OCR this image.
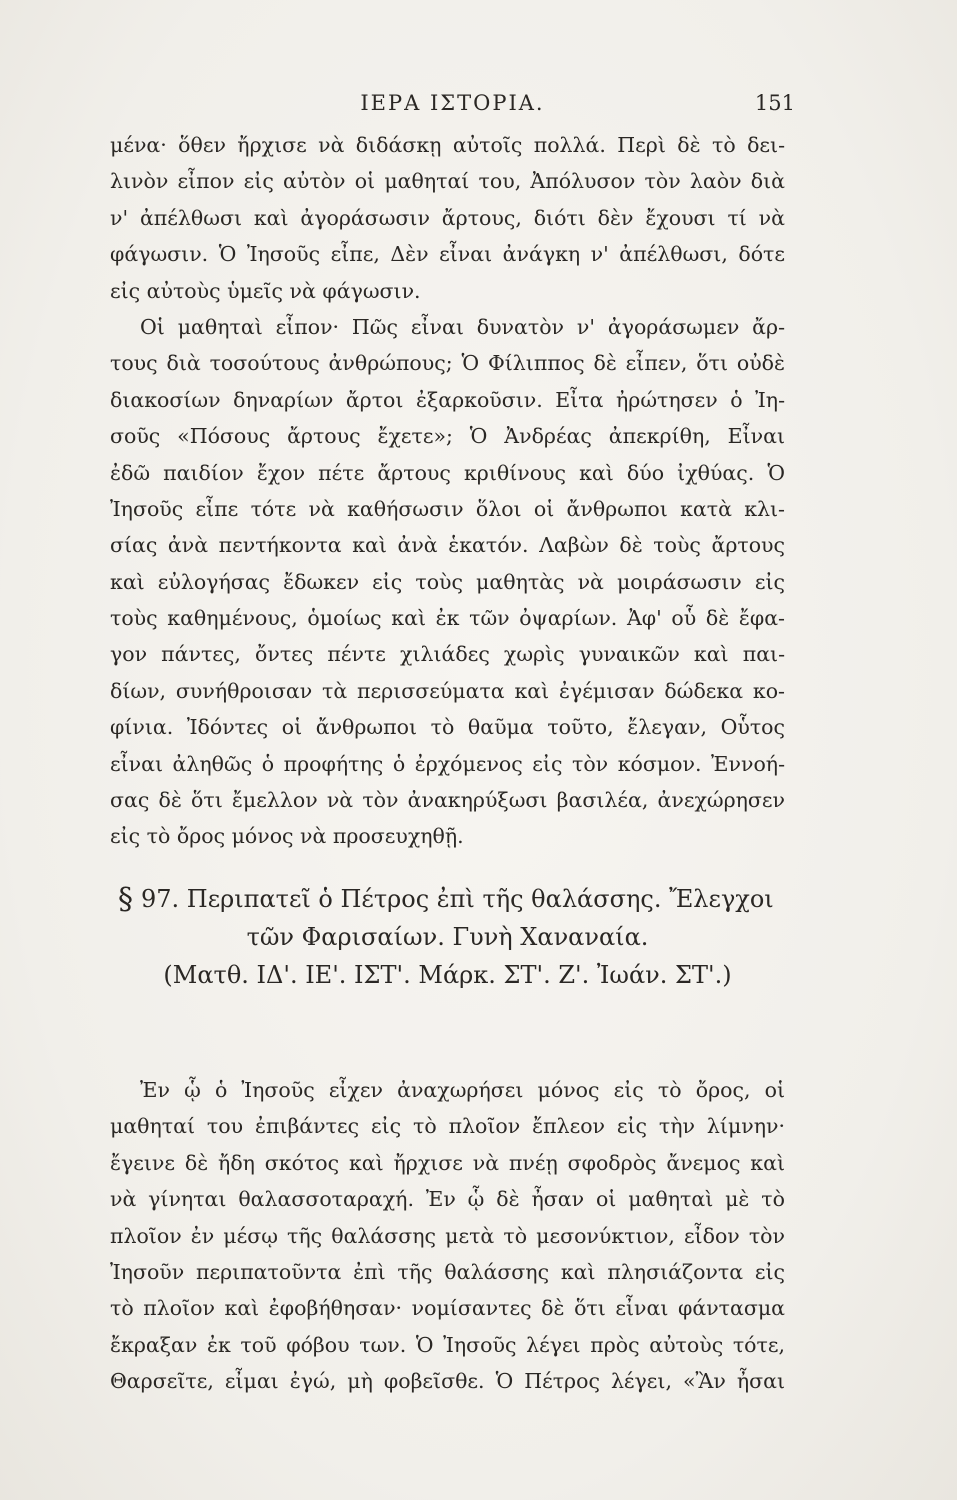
ΙΕΡΑ ΙΣΤΟΡΙΑ.	151
μένα· ὅθεν ἤρχισε νὰ διδάσκῃ αὐτοῖς πολλά. Περὶ δὲ τὸ δει-
λινὸν εἶπον εἰς αὐτὸν οἱ μαθηταί του, Ἀπόλυσον τὸν λαὸν διὰ
ν' ἀπέλθωσι καὶ ἀγοράσωσιν ἄρτους, διότι δὲν ἔχουσι τί νὰ
φάγωσιν. Ὁ Ἰησοῦς εἶπε, Δὲν εἶναι ἀνάγκη ν' ἀπέλθωσι, δότε
εἰς αὐτοὺς ὑμεῖς νὰ φάγωσιν.
Οἱ μαθηταὶ εἶπον· Πῶς εἶναι δυνατὸν ν' ἀγοράσωμεν ἄρ-
τους διὰ τοσούτους ἀνθρώπους; Ὁ Φίλιππος δὲ εἶπεν, ὅτι οὐδὲ
διακοσίων δηναρίων ἄρτοι ἐξαρκοῦσιν. Εἶτα ἠρώτησεν ὁ Ἰη-
σοῦς «Πόσους ἄρτους ἔχετε»; Ὁ Ἀνδρέας ἀπεκρίθη, Εἶναι
ἐδῶ παιδίον ἔχον πέτε ἄρτους κριθίνους καὶ δύο ἰχθύας. Ὁ
Ἰησοῦς εἶπε τότε νὰ καθήσωσιν ὅλοι οἱ ἄνθρωποι κατὰ κλι-
σίας ἀνὰ πεντήκοντα καὶ ἀνὰ ἑκατόν. Λαβὼν δὲ τοὺς ἄρτους
καὶ εὐλογήσας ἔδωκεν εἰς τοὺς μαθητὰς νὰ μοιράσωσιν εἰς
τοὺς καθημένους, ὁμοίως καὶ ἐκ τῶν ὀψαρίων. Ἀφ' οὗ δὲ ἔφα-
γον πάντες, ὄντες πέντε χιλιάδες χωρὶς γυναικῶν καὶ παι-
δίων, συνήθροισαν τὰ περισσεύματα καὶ ἐγέμισαν δώδεκα κο-
φίνια. Ἰδόντες οἱ ἄνθρωποι τὸ θαῦμα τοῦτο, ἔλεγαν, Οὗτος
εἶναι ἀληθῶς ὁ προφήτης ὁ ἐρχόμενος εἰς τὸν κόσμον. Ἐννοή-
σας δὲ ὅτι ἔμελλον νὰ τὸν ἀνακηρύξωσι βασιλέα, ἀνεχώρησεν
εἰς τὸ ὄρος μόνος νὰ προσευχηθῇ.
§ 97. Περιπατεῖ ὁ Πέτρος ἐπὶ τῆς θαλάσσης. Ἔλεγχοι
τῶν Φαρισαίων. Γυνὴ Χαναναία.
(Ματθ. ΙΔ'. ΙΕ'. ΙΣΤ'. Μάρκ. ΣΤ'. Ζ'. Ἰωάν. ΣΤ'.)
Ἐν ᾧ ὁ Ἰησοῦς εἶχεν ἀναχωρήσει μόνος εἰς τὸ ὄρος, οἱ
μαθηταί του ἐπιβάντες εἰς τὸ πλοῖον ἔπλεον εἰς τὴν λίμνην·
ἔγεινε δὲ ἤδη σκότος καὶ ἤρχισε νὰ πνέῃ σφοδρὸς ἄνεμος καὶ
νὰ γίνηται θαλασσοταραχή. Ἐν ᾧ δὲ ἦσαν οἱ μαθηταὶ μὲ τὸ
πλοῖον ἐν μέσῳ τῆς θαλάσσης μετὰ τὸ μεσονύκτιον, εἶδον τὸν
Ἰησοῦν περιπατοῦντα ἐπὶ τῆς θαλάσσης καὶ πλησιάζοντα εἰς
τὸ πλοῖον καὶ ἐφοβήθησαν· νομίσαντες δὲ ὅτι εἶναι φάντασμα
ἔκραξαν ἐκ τοῦ φόβου των. Ὁ Ἰησοῦς λέγει πρὸς αὐτοὺς τότε,
Θαρσεῖτε, εἶμαι ἐγώ, μὴ φοβεῖσθε. Ὁ Πέτρος λέγει, «Ἂν ἦσαι
